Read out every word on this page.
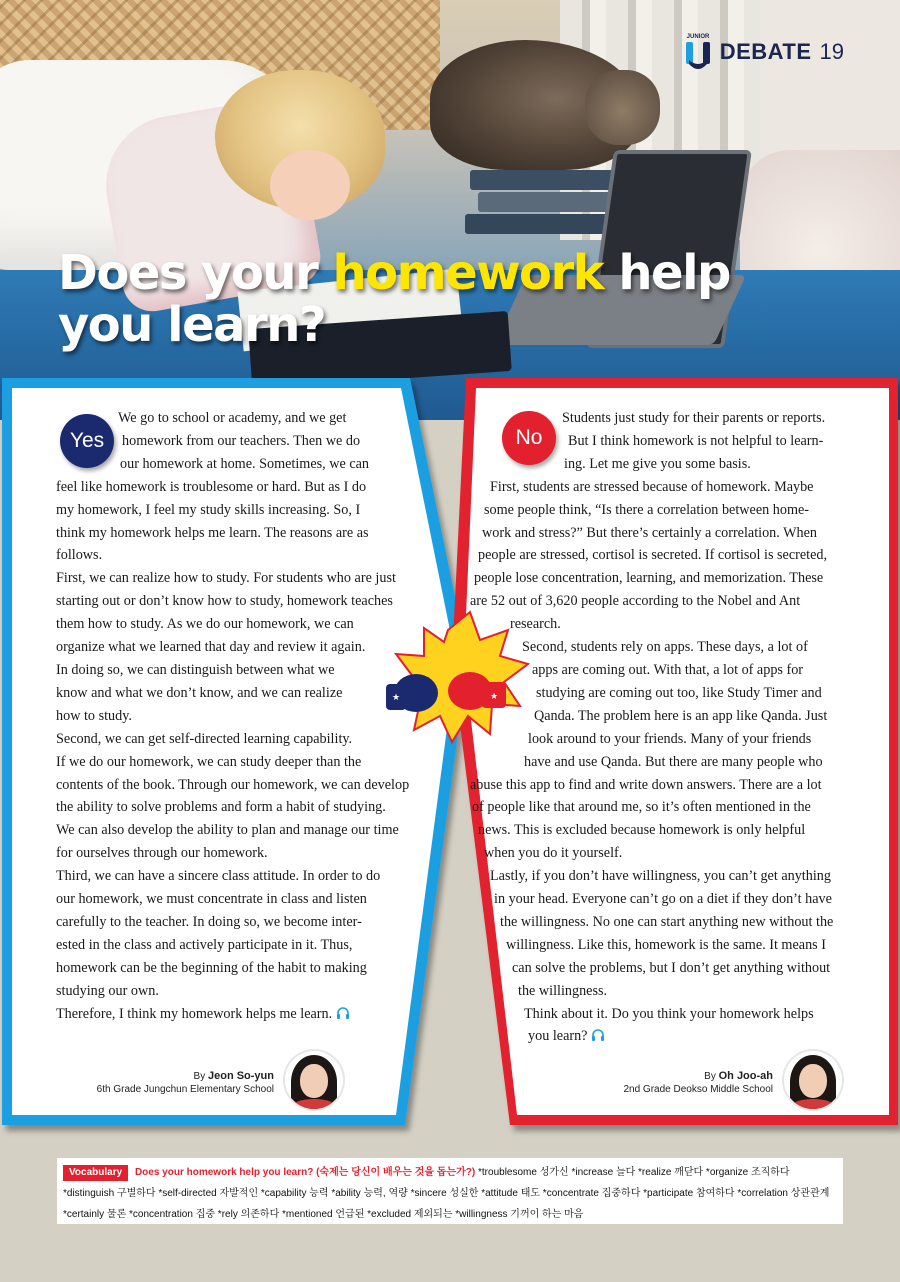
JUNIOR
DEBATE 19
Does your homework help
you learn?
★	★
Yes

We go to school or academy, and we get

homework from our teachers. Then we do

our homework at home. Sometimes, we can

feel like homework is troublesome or hard. But as I do

my homework, I feel my study skills increasing. So, I

think my homework helps me learn. The reasons are as

follows.

First, we can realize how to study. For students who are just

starting out or don’t know how to study, homework teaches

them how to study. As we do our homework, we can

organize what we learned that day and review it again.

In doing so, we can distinguish between what we

know and what we don’t know, and we can realize

how to study.

Second, we can get self-directed learning capability.

If we do our homework, we can study deeper than the

contents of the book. Through our homework, we can develop

the ability to solve problems and form a habit of studying.

We can also develop the ability to plan and manage our time

for ourselves through our homework.

Third, we can have a sincere class attitude. In order to do

our homework, we must concentrate in class and listen

carefully to the teacher. In doing so, we become inter-

ested in the class and actively participate in it. Thus,

homework can be the beginning of the habit to making

studying our own.

Therefore, I think my homework helps me learn.

No

Students just study for their parents or reports.

But I think homework is not helpful to learn-

ing. Let me give you some basis.

First, students are stressed because of homework. Maybe

some people think, “Is there a correlation between home-

work and stress?” But there’s certainly a correlation. When

people are stressed, cortisol is secreted. If cortisol is secreted,

people lose concentration, learning, and memorization. These

are 52 out of 3,620 people according to the Nobel and Ant

research.

Second, students rely on apps. These days, a lot of

apps are coming out. With that, a lot of apps for

studying are coming out too, like Study Timer and

Qanda. The problem here is an app like Qanda. Just

look around to your friends. Many of your friends

have and use Qanda. But there are many people who

abuse this app to find and write down answers. There are a lot

of people like that around me, so it’s often mentioned in the

news. This is excluded because homework is only helpful

when you do it yourself.

Lastly, if you don’t have willingness, you can’t get anything

in your head. Everyone can’t go on a diet if they don’t have

the willingness. No one can start anything new without the

willingness. Like this, homework is the same. It means I

can solve the problems, but I don’t get anything without

the willingness.

Think about it. Do you think your homework helps

you learn?

By Jeon So-yun
6th Grade Jungchun Elementary School
By Oh Joo-ah
2nd Grade Deokso Middle School
Vocabulary Does your homework help you learn? (숙제는 당신이 배우는 것을 돕는가?) *troublesome 성가신 *increase 늘다 *realize 깨닫다 *organize 조직하다 *distinguish 구별하다 *self-directed 자발적인 *capability 능력 *ability 능력, 역량 *sincere 성실한 *attitude 태도 *concentrate 집중하다 *participate 참여하다 *correlation 상관관계 *certainly 물론 *concentration 집중 *rely 의존하다 *mentioned 언급된 *excluded 제외되는 *willingness 기꺼이 하는 마음
